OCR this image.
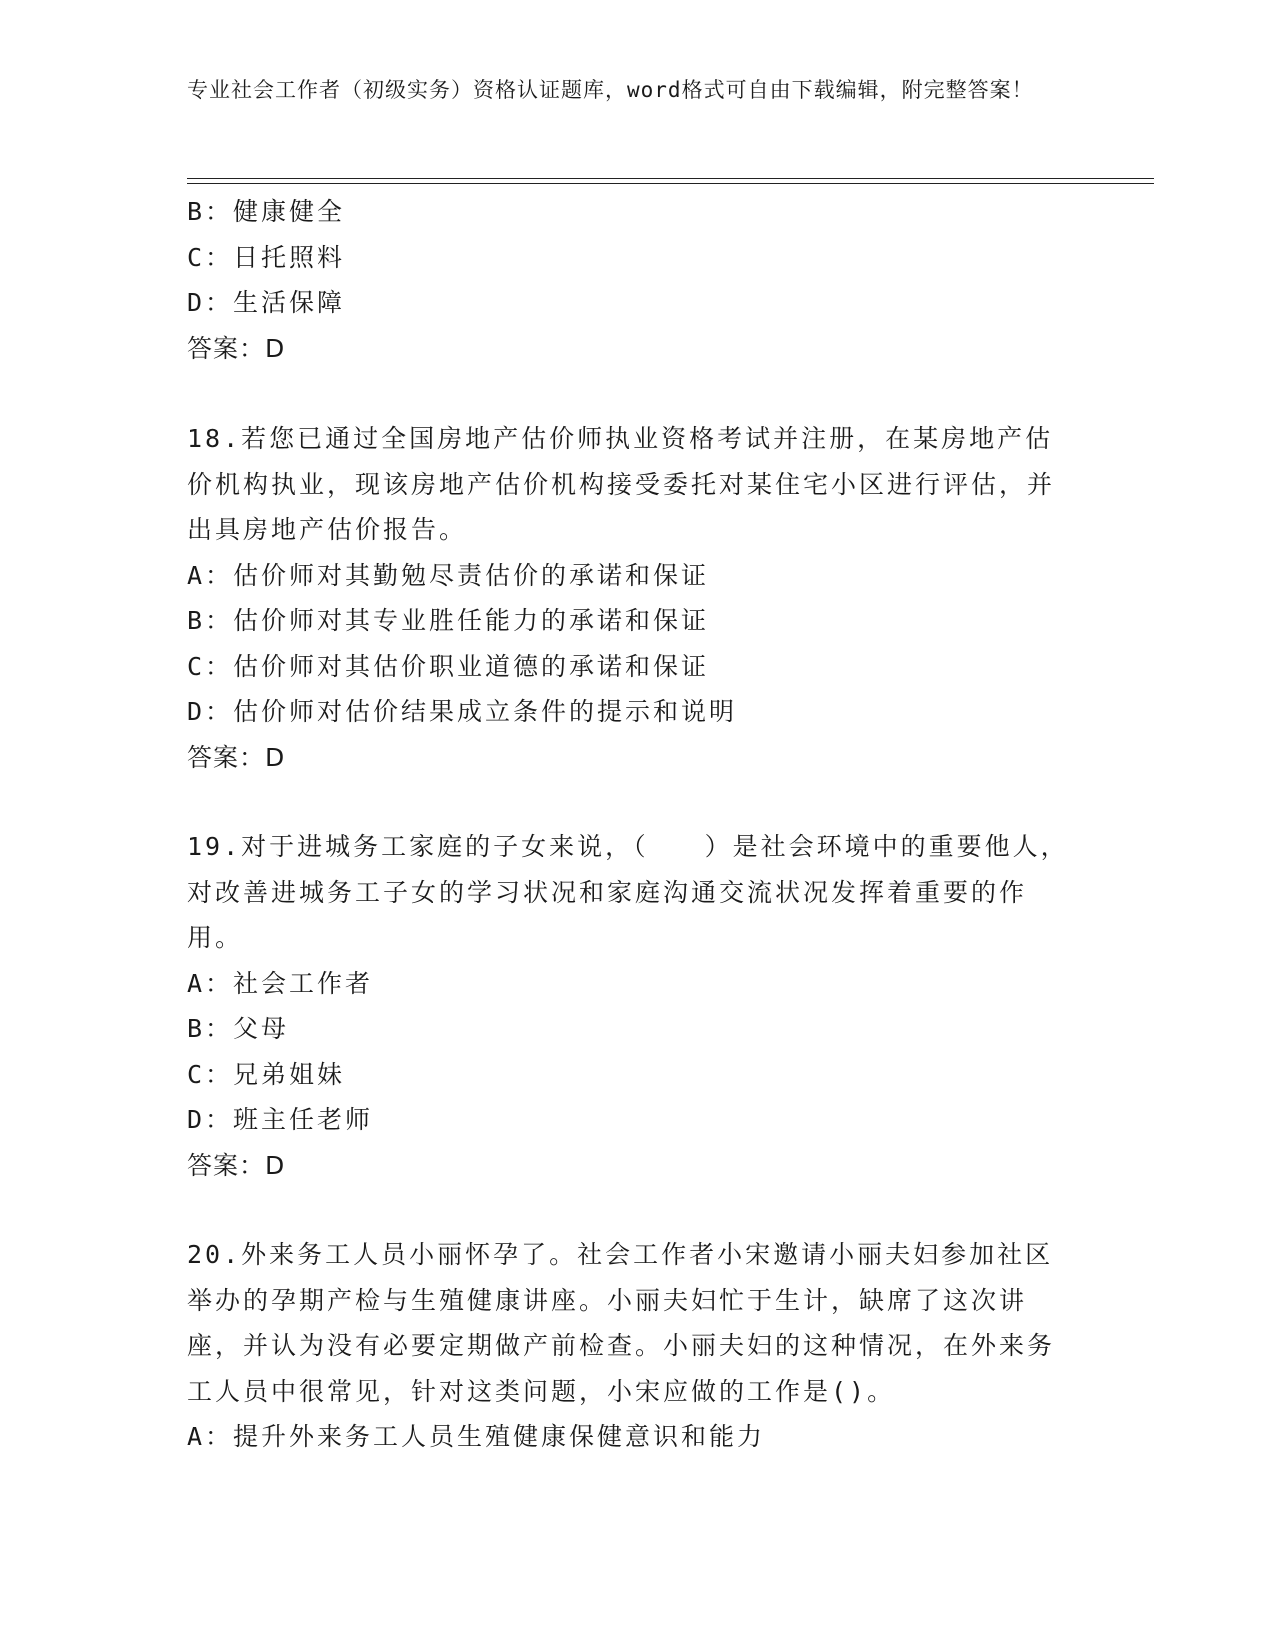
专业社会工作者（初级实务）资格认证题库，word格式可自由下载编辑，附完整答案！
B：健康健全
C：日托照料
D：生活保障
答案：D
18.若您已通过全国房地产估价师执业资格考试并注册，在某房地产估价机构执业，现该房地产估价机构接受委托对某住宅小区进行评估，并出具房地产估价报告。
A：估价师对其勤勉尽责估价的承诺和保证
B：估价师对其专业胜任能力的承诺和保证
C：估价师对其估价职业道德的承诺和保证
D：估价师对估价结果成立条件的提示和说明
答案：D
19.对于进城务工家庭的子女来说，（　　）是社会环境中的重要他人，对改善进城务工子女的学习状况和家庭沟通交流状况发挥着重要的作用。
A：社会工作者
B：父母
C：兄弟姐妹
D：班主任老师
答案：D
20.外来务工人员小丽怀孕了。社会工作者小宋邀请小丽夫妇参加社区举办的孕期产检与生殖健康讲座。小丽夫妇忙于生计，缺席了这次讲座，并认为没有必要定期做产前检查。小丽夫妇的这种情况，在外来务工人员中很常见，针对这类问题，小宋应做的工作是()。
A：提升外来务工人员生殖健康保健意识和能力
